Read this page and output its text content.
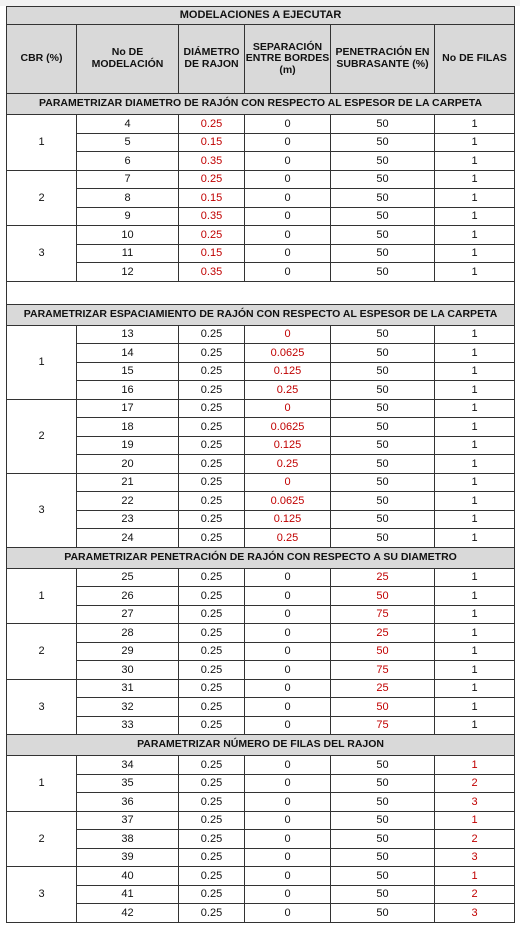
MODELACIONES A EJECUTAR					
CBR (%)	No DE MODELACIÓN	DIÁMETRO DE RAJON	SEPARACIÓN ENTRE BORDES (m)	PENETRACIÓN EN SUBRASANTE (%)	No DE FILAS
PARAMETRIZAR DIAMETRO DE RAJÓN CON RESPECTO AL ESPESOR DE LA CARPETA					
1	4	0.25	0	50	1
	5	0.15	0	50	1
	6	0.35	0	50	1
2	7	0.25	0	50	1
	8	0.15	0	50	1
	9	0.35	0	50	1
3	10	0.25	0	50	1
	11	0.15	0	50	1
	12	0.35	0	50	1

PARAMETRIZAR ESPACIAMIENTO DE RAJÓN CON RESPECTO AL ESPESOR DE LA CARPETA					
1	13	0.25	0	50	1
	14	0.25	0.0625	50	1
	15	0.25	0.125	50	1
	16	0.25	0.25	50	1
2	17	0.25	0	50	1
	18	0.25	0.0625	50	1
	19	0.25	0.125	50	1
	20	0.25	0.25	50	1
3	21	0.25	0	50	1
	22	0.25	0.0625	50	1
	23	0.25	0.125	50	1
	24	0.25	0.25	50	1
PARAMETRIZAR PENETRACIÓN DE RAJÓN CON RESPECTO A SU DIAMETRO					
1	25	0.25	0	25	1
	26	0.25	0	50	1
	27	0.25	0	75	1
2	28	0.25	0	25	1
	29	0.25	0	50	1
	30	0.25	0	75	1
3	31	0.25	0	25	1
	32	0.25	0	50	1
	33	0.25	0	75	1
PARAMETRIZAR NÚMERO DE FILAS DEL RAJON					
1	34	0.25	0	50	1
	35	0.25	0	50	2
	36	0.25	0	50	3
2	37	0.25	0	50	1
	38	0.25	0	50	2
	39	0.25	0	50	3
3	40	0.25	0	50	1
	41	0.25	0	50	2
	42	0.25	0	50	3
